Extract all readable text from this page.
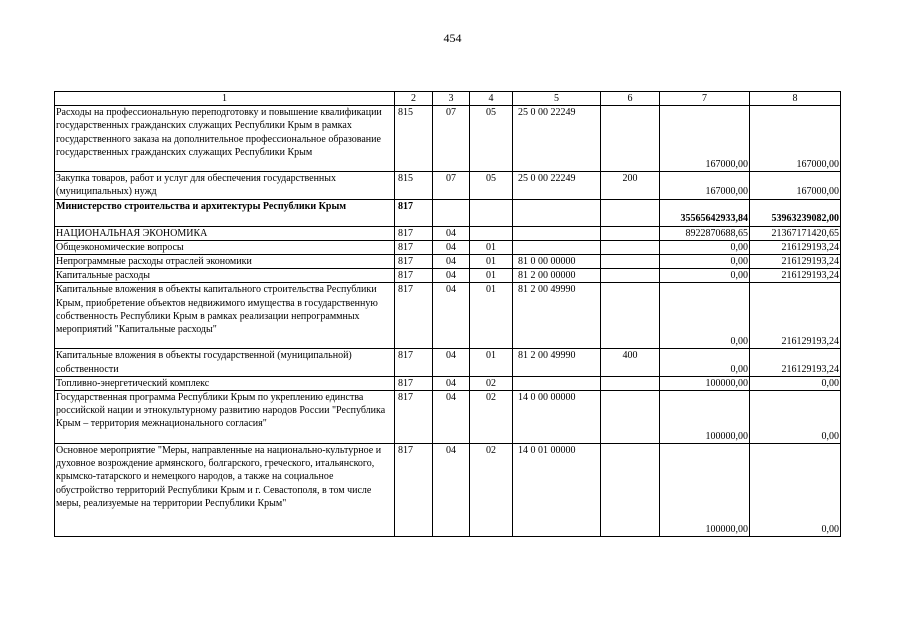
454
1	2	3	4	5	6	7	8
Расходы на профессиональную переподготовку и повышение квалификации государственных гражданских служащих Республики Крым в рамках государственного заказа на дополнительное профессиональное образование государственных гражданских служащих Республики Крым	815	07	05	25 0 00 22249		167000,00	167000,00
Закупка товаров, работ и услуг для обеспечения государственных (муниципальных) нужд	815	07	05	25 0 00 22249	200	167000,00	167000,00
Министерство строительства и архитектуры Республики Крым	817					35565642933,84	53963239082,00
НАЦИОНАЛЬНАЯ ЭКОНОМИКА	817	04				8922870688,65	21367171420,65
Общеэкономические вопросы	817	04	01			0,00	216129193,24
Непрограммные расходы отраслей экономики	817	04	01	81 0 00 00000		0,00	216129193,24
Капитальные расходы	817	04	01	81 2 00 00000		0,00	216129193,24
Капитальные вложения в объекты капитального строительства Республики Крым, приобретение объектов недвижимого имущества в государственную собственность Республики Крым в рамках реализации непрограммных мероприятий "Капитальные расходы"	817	04	01	81 2 00 49990		0,00	216129193,24
Капитальные вложения в объекты государственной (муниципальной) собственности	817	04	01	81 2 00 49990	400	0,00	216129193,24
Топливно-энергетический комплекс	817	04	02			100000,00	0,00
Государственная программа Республики Крым по укреплению единства российской нации и этнокультурному развитию народов России "Республика Крым – территория межнационального согласия"	817	04	02	14 0 00 00000		100000,00	0,00
Основное мероприятие "Меры, направленные на национально-культурное и духовное возрождение армянского, болгарского, греческого, итальянского, крымско-татарского и немецкого народов, а также на социальное обустройство территорий Республики Крым и г. Севастополя, в том числе меры, реализуемые на территории Республики Крым"	817	04	02	14 0 01 00000		100000,00	0,00
